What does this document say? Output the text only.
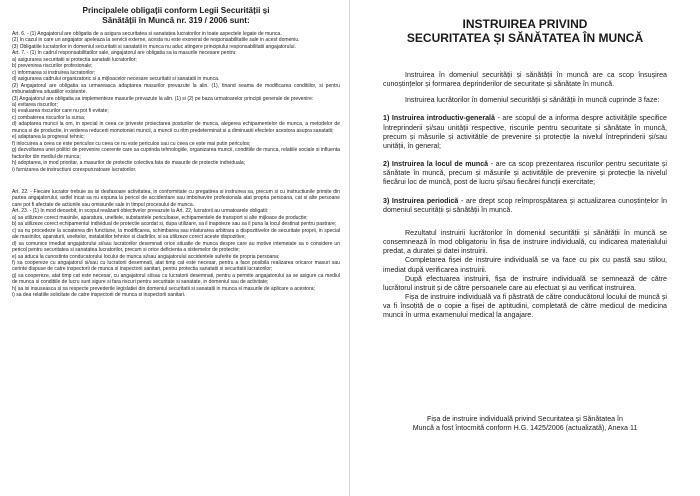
Principalele obligații conform Legii Securității și
Sănătății în Muncă nr. 319 / 2006 sunt:

Art. 6. - (1) Angajatorul are obligatia de a asigura securitatea si sanatatea lucratorilor in toate aspectele legate de munca.

(2) In cazul in care un angajator apeleaza la servicii externe, acesta nu este exonerat de responsabilitatile sale in acest domeniu.

(3) Obligatiile lucratorilor in domeniul securitatii si sanatatii in munca nu aduc atingere principiului responsabilitatii angajatorului.

Art. 7. - (1) In cadrul responsabilitatilor sale, angajatorul are obligatia sa ia masurile necesare pentru:

a) asigurarea securitatii si protectia sanatatii lucratorilor;

b) prevenirea riscurilor profesionale;

c) informarea si instruirea lucratorilor;

d) asigurarea cadrului organizatoric si a mijloacelor necesare securitatii si sanatatii in munca.

(2) Angajatorul are obligatia sa urmareasca adaptarea masurilor prevazute la alin. (1), tinand seama de modificarea conditiilor, si pentru imbunatatirea situatiilor existente.

(3) Angajatorul are obligatia sa implementeze masurile prevazute la alin. (1) si (2) pe baza urmatoarelor principii generale de prevenire:

a) evitarea riscurilor;

b) evaluarea riscurilor care nu pot fi evitate;

c) combaterea riscurilor la sursa;

d) adaptarea muncii la om, in special in ceea ce priveste proiectarea posturilor de munca, alegerea echipamentelor de munca, a metodelor de munca si de productie, in vederea reducerii monotoniei muncii, a muncii cu ritm predeterminat si a diminuarii efectelor acestora asupra sanatatii;

e) adaptarea la progresul tehnic;

f) inlocuirea a ceea ce este periculos cu ceea ce nu este periculos sau cu ceea ce este mai putin periculos;

g) dezvoltarea unei politici de prevenire coerente care sa cuprinda tehnologiile, organizarea muncii, conditiile de munca, relatiile sociale si influenta factorilor din mediul de munca;

h) adoptarea, in mod prioritar, a masurilor de protectie colectiva fata de masurile de protectie individuala;

i) furnizarea de instructiuni corespunzatoare lucratorilor.

Art. 22. - Fiecare lucrator trebuie sa isi desfasoare activitatea, in conformitate cu pregatirea si instruirea sa, precum si cu instructiunile primite din partea angajatorului, astfel incat sa nu expuna la pericol de accidentare sau imbolnavire profesionala atat propria persoana, cat si alte persoane care pot fi afectate de actiunile sau omisiunile sale in timpul procesului de munca.

Art. 23. - (1) In mod deosebit, in scopul realizarii obiectivelor prevazute la Art. 22, lucratorii au urmatoarele obligatii:

a) sa utilizeze corect masinile, aparatura, uneltele, substantele periculoase, echipamentele de transport si alte mijloace de productie;

b) sa utilizeze corect echipamentul individual de protectie acordat si, dupa utilizare, sa il inapoieze sau sa il puna la locul destinat pentru pastrare;

c) sa nu procedeze la scoaterea din functiune, la modificarea, schimbarea sau inlaturarea arbitrara a dispozitivelor de securitate proprii, in special ale masinilor, aparaturii, uneltelor, instalatiilor tehnice si cladirilor, si sa utilizeze corect aceste dispozitive;

d) sa comunice imediat angajatorului si/sau lucratorilor desemnati orice situatie de munca despre care au motive intemeiate sa o considere un pericol pentru securitatea si sanatatea lucratorilor, precum si orice deficienta a sistemelor de protectie;

e) sa aduca la cunostinta conducatorului locului de munca si/sau angajatorului accidentele suferite de propria persoana;

f) sa coopereze cu angajatorul si/sau cu lucratorii desemnati, atat timp cat este necesar, pentru a face posibila realizarea oricaror masuri sau cerinte dispuse de catre inspectorii de munca si inspectorii sanitari, pentru protectia sanatatii si securitatii lucratorilor;

g) sa coopereze, atat timp cat este necesar, cu angajatorul si/sau cu lucratorii desemnati, pentru a permite angajatorului sa se asigure ca mediul de munca si conditiile de lucru sunt sigure si fara riscuri pentru securitate si sanatate, in domeniul sau de activitate;

h) sa isi insuseasca si sa respecte prevederile legislatiei din domeniul securitatii si sanatatii in munca si masurile de aplicare a acestora;

i) sa dea relatiile solicitate de catre inspectorii de munca si inspectorii sanitari.

INSTRUIREA PRIVIND
SECURITATEA ȘI SĂNĂTATEA ÎN MUNCĂ

Instruirea în domeniul securității și sănătății în muncă are ca scop însușirea cunoștințelor și formarea deprinderilor de securitate și sănătate în muncă.

Instruirea lucrătorilor în domeniul securității și sănătății în muncă cuprinde 3 faze:

1) Instruirea introductiv-generală - are scopul de a informa despre activitățile specifice întreprinderii și/sau unității respective, riscurile pentru securitate și sănătate în muncă, precum și măsurile și activitățile de prevenire și protecție la nivelul întreprinderii și/sau unității, în general;

2) Instruirea la locul de muncă - are ca scop prezentarea riscurilor pentru securitate și sănătate în muncă, precum și măsurile și activitățile de prevenire și protecție la nivelul fiecărui loc de muncă, post de lucru și/sau fiecărei funcții exercitate;

3) Instruirea periodică - are drept scop reîmprospătarea și actualizarea cunoștințelor în domeniul securității și sănătății în muncă.

Rezultatul instruirii lucrătorilor în domeniul securității și sănătății în muncă se consemnează în mod obligatoriu în fișa de instruire individuală, cu indicarea materialului predat, a duratei și datei instruirii.

Completarea fișei de instruire individuală se va face cu pix cu pastă sau stilou, imediat după verificarea instruirii.

După efectuarea instruirii, fișa de instruire individuală se semnează de către lucrătorul instruit și de către persoanele care au efectuat și au verificat instruirea.

Fișa de instruire individuală va fi păstrată de către conducătorul locului de muncă și va fi însoțită de o copie a fișei de aptitudini, completată de către medicul de medicina muncii în urma examenului medical la angajare.

Fișa de instruire individuală privind Securitatea și Sănătatea în
Muncă a fost întocmită conform H.G. 1425/2006 (actualizată), Anexa 11
